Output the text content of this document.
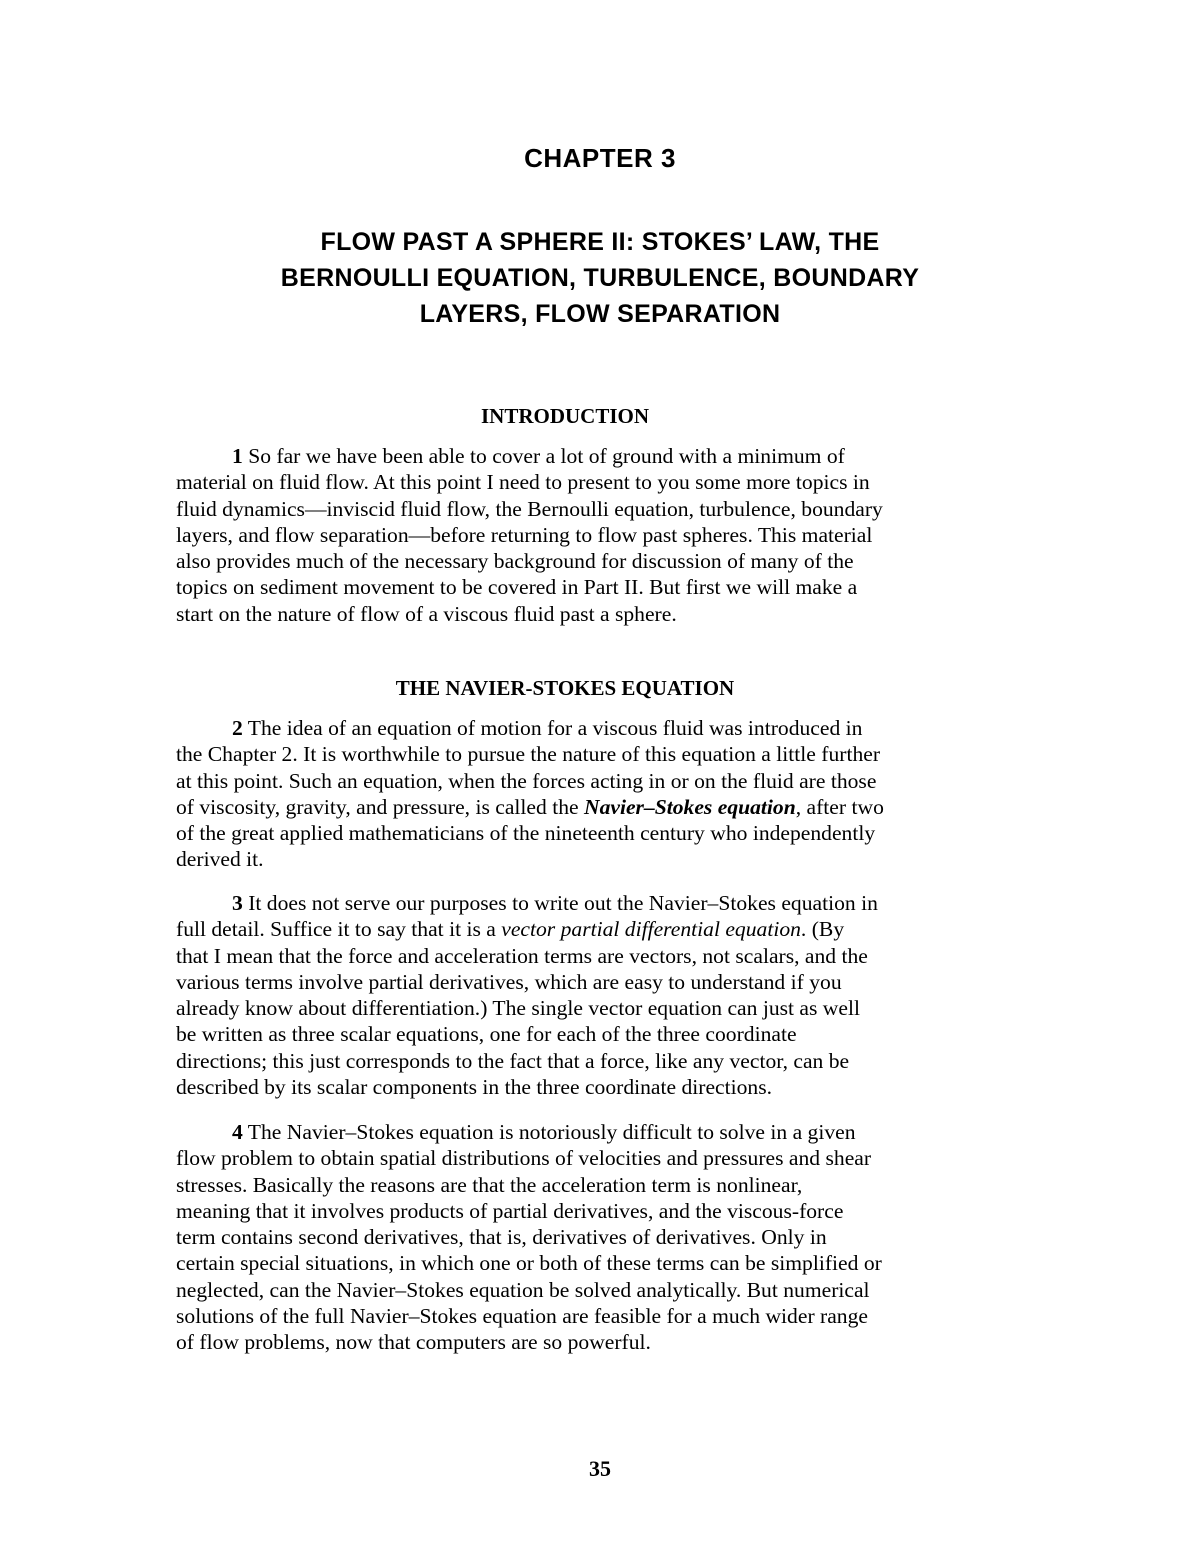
CHAPTER 3
FLOW PAST A SPHERE II: STOKES’ LAW, THE
BERNOULLI EQUATION, TURBULENCE, BOUNDARY
LAYERS, FLOW SEPARATION
INTRODUCTION
1 So far we have been able to cover a lot of ground with a minimum of
material on fluid flow. At this point I need to present to you some more topics in
fluid dynamics—inviscid fluid flow, the Bernoulli equation, turbulence, boundary
layers, and flow separation—before returning to flow past spheres. This material
also provides much of the necessary background for discussion of many of the
topics on sediment movement to be covered in Part II. But first we will make a
start on the nature of flow of a viscous fluid past a sphere.
THE NAVIER-STOKES EQUATION
2 The idea of an equation of motion for a viscous fluid was introduced in
the Chapter 2. It is worthwhile to pursue the nature of this equation a little further
at this point. Such an equation, when the forces acting in or on the fluid are those
of viscosity, gravity, and pressure, is called the Navier–Stokes equation, after two
of the great applied mathematicians of the nineteenth century who independently
derived it.
3 It does not serve our purposes to write out the Navier–Stokes equation in
full detail. Suffice it to say that it is a vector partial differential equation. (By
that I mean that the force and acceleration terms are vectors, not scalars, and the
various terms involve partial derivatives, which are easy to understand if you
already know about differentiation.) The single vector equation can just as well
be written as three scalar equations, one for each of the three coordinate
directions; this just corresponds to the fact that a force, like any vector, can be
described by its scalar components in the three coordinate directions.
4 The Navier–Stokes equation is notoriously difficult to solve in a given
flow problem to obtain spatial distributions of velocities and pressures and shear
stresses. Basically the reasons are that the acceleration term is nonlinear,
meaning that it involves products of partial derivatives, and the viscous-force
term contains second derivatives, that is, derivatives of derivatives. Only in
certain special situations, in which one or both of these terms can be simplified or
neglected, can the Navier–Stokes equation be solved analytically. But numerical
solutions of the full Navier–Stokes equation are feasible for a much wider range
of flow problems, now that computers are so powerful.
35
